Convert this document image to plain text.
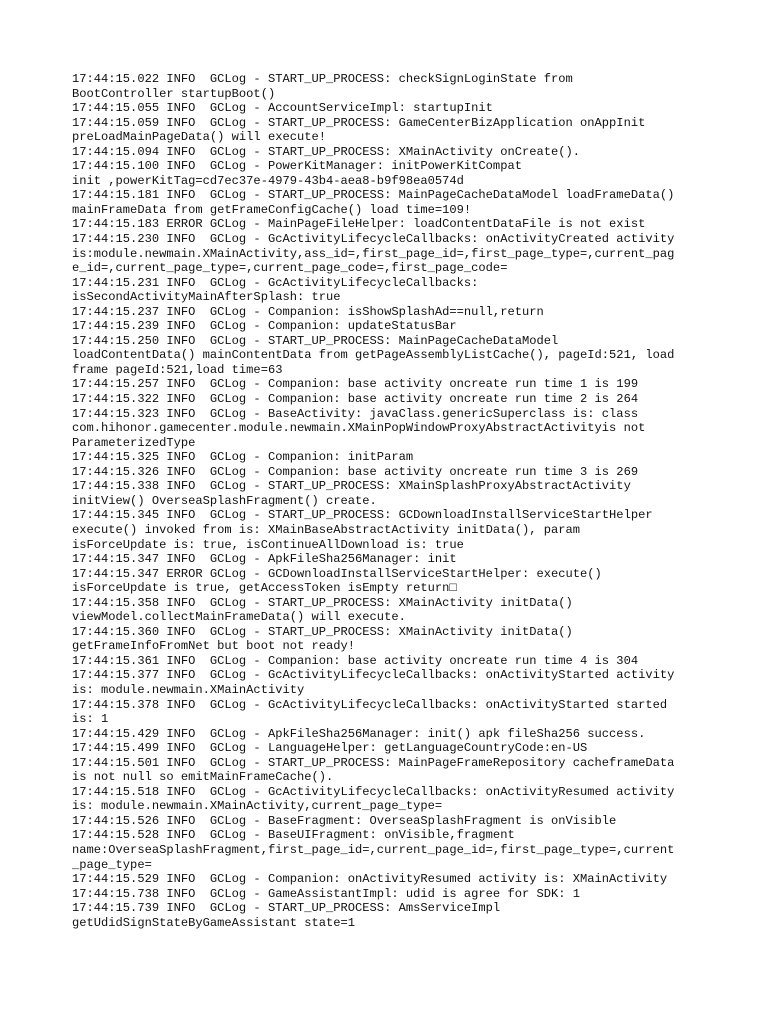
17:44:15.022 INFO  GCLog - START_UP_PROCESS: checkSignLoginState from
BootController startupBoot()
17:44:15.055 INFO  GCLog - AccountServiceImpl: startupInit
17:44:15.059 INFO  GCLog - START_UP_PROCESS: GameCenterBizApplication onAppInit
preLoadMainPageData() will execute!
17:44:15.094 INFO  GCLog - START_UP_PROCESS: XMainActivity onCreate().
17:44:15.100 INFO  GCLog - PowerKitManager: initPowerKitCompat
init ,powerKitTag=cd7ec37e-4979-43b4-aea8-b9f98ea0574d
17:44:15.181 INFO  GCLog - START_UP_PROCESS: MainPageCacheDataModel loadFrameData()
mainFrameData from getFrameConfigCache() load time=109!
17:44:15.183 ERROR GCLog - MainPageFileHelper: loadContentDataFile is not exist
17:44:15.230 INFO  GCLog - GcActivityLifecycleCallbacks: onActivityCreated activity
is:module.newmain.XMainActivity,ass_id=,first_page_id=,first_page_type=,current_pag
e_id=,current_page_type=,current_page_code=,first_page_code=
17:44:15.231 INFO  GCLog - GcActivityLifecycleCallbacks:
isSecondActivityMainAfterSplash: true
17:44:15.237 INFO  GCLog - Companion: isShowSplashAd==null,return
17:44:15.239 INFO  GCLog - Companion: updateStatusBar
17:44:15.250 INFO  GCLog - START_UP_PROCESS: MainPageCacheDataModel
loadContentData() mainContentData from getPageAssemblyListCache(), pageId:521, load
frame pageId:521,load time=63
17:44:15.257 INFO  GCLog - Companion: base activity oncreate run time 1 is 199
17:44:15.322 INFO  GCLog - Companion: base activity oncreate run time 2 is 264
17:44:15.323 INFO  GCLog - BaseActivity: javaClass.genericSuperclass is: class
com.hihonor.gamecenter.module.newmain.XMainPopWindowProxyAbstractActivityis not
ParameterizedType
17:44:15.325 INFO  GCLog - Companion: initParam
17:44:15.326 INFO  GCLog - Companion: base activity oncreate run time 3 is 269
17:44:15.338 INFO  GCLog - START_UP_PROCESS: XMainSplashProxyAbstractActivity
initView() OverseaSplashFragment() create.
17:44:15.345 INFO  GCLog - START_UP_PROCESS: GCDownloadInstallServiceStartHelper
execute() invoked from is: XMainBaseAbstractActivity initData(), param
isForceUpdate is: true, isContinueAllDownload is: true
17:44:15.347 INFO  GCLog - ApkFileSha256Manager: init
17:44:15.347 ERROR GCLog - GCDownloadInstallServiceStartHelper: execute()
isForceUpdate is true, getAccessToken isEmpty return□
17:44:15.358 INFO  GCLog - START_UP_PROCESS: XMainActivity initData()
viewModel.collectMainFrameData() will execute.
17:44:15.360 INFO  GCLog - START_UP_PROCESS: XMainActivity initData()
getFrameInfoFromNet but boot not ready!
17:44:15.361 INFO  GCLog - Companion: base activity oncreate run time 4 is 304
17:44:15.377 INFO  GCLog - GcActivityLifecycleCallbacks: onActivityStarted activity
is: module.newmain.XMainActivity
17:44:15.378 INFO  GCLog - GcActivityLifecycleCallbacks: onActivityStarted started
is: 1
17:44:15.429 INFO  GCLog - ApkFileSha256Manager: init() apk fileSha256 success.
17:44:15.499 INFO  GCLog - LanguageHelper: getLanguageCountryCode:en-US
17:44:15.501 INFO  GCLog - START_UP_PROCESS: MainPageFrameRepository cacheframeData
is not null so emitMainFrameCache().
17:44:15.518 INFO  GCLog - GcActivityLifecycleCallbacks: onActivityResumed activity
is: module.newmain.XMainActivity,current_page_type=
17:44:15.526 INFO  GCLog - BaseFragment: OverseaSplashFragment is onVisible
17:44:15.528 INFO  GCLog - BaseUIFragment: onVisible,fragment
name:OverseaSplashFragment,first_page_id=,current_page_id=,first_page_type=,current
_page_type=
17:44:15.529 INFO  GCLog - Companion: onActivityResumed activity is: XMainActivity
17:44:15.738 INFO  GCLog - GameAssistantImpl: udid is agree for SDK: 1
17:44:15.739 INFO  GCLog - START_UP_PROCESS: AmsServiceImpl
getUdidSignStateByGameAssistant state=1
